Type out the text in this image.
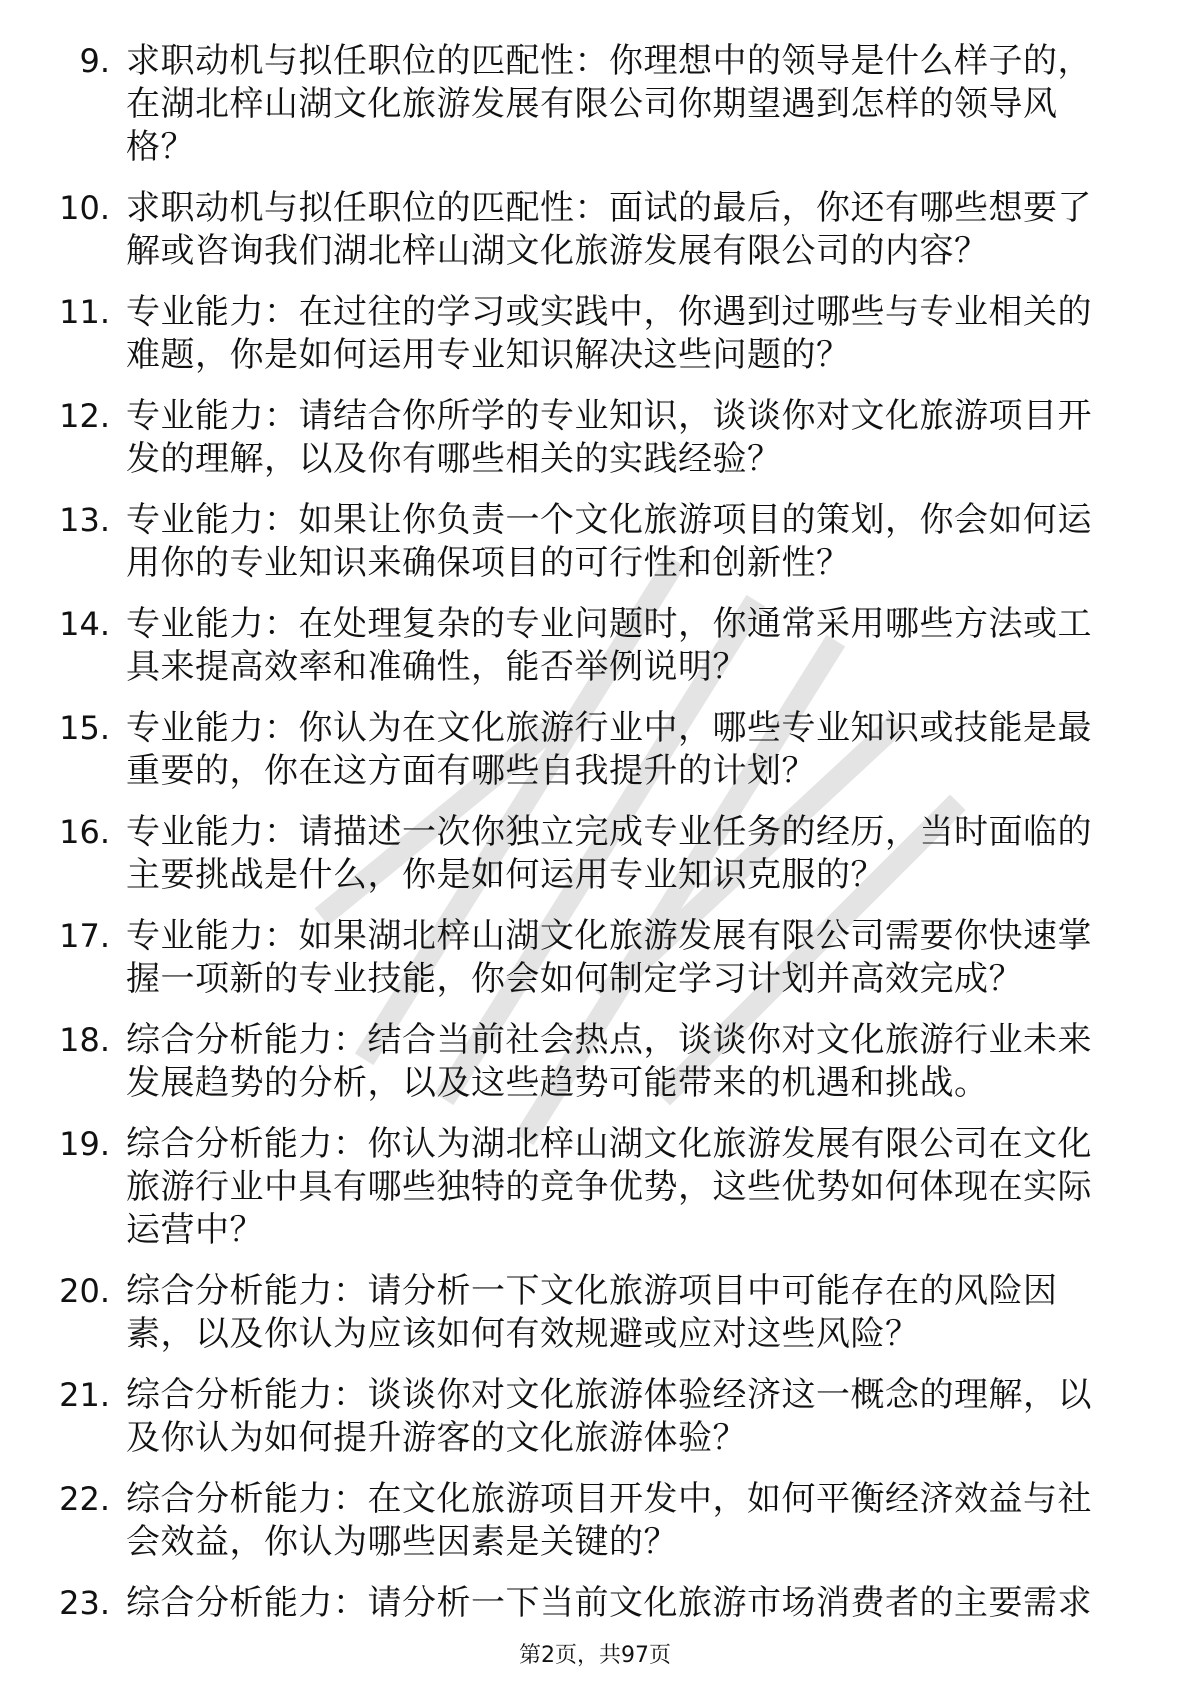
9. 求职动机与拟任职位的匹配性：你理想中的领导是什么样子的，在湖北梓山湖文化旅游发展有限公司你期望遇到怎样的领导风格？
10. 求职动机与拟任职位的匹配性：面试的最后，你还有哪些想要了解或咨询我们湖北梓山湖文化旅游发展有限公司的内容？
11. 专业能力：在过往的学习或实践中，你遇到过哪些与专业相关的难题，你是如何运用专业知识解决这些问题的？
12. 专业能力：请结合你所学的专业知识，谈谈你对文化旅游项目开发的理解，以及你有哪些相关的实践经验？
13. 专业能力：如果让你负责一个文化旅游项目的策划，你会如何运用你的专业知识来确保项目的可行性和创新性？
14. 专业能力：在处理复杂的专业问题时，你通常采用哪些方法或工具来提高效率和准确性，能否举例说明？
15. 专业能力：你认为在文化旅游行业中，哪些专业知识或技能是最重要的，你在这方面有哪些自我提升的计划？
16. 专业能力：请描述一次你独立完成专业任务的经历，当时面临的主要挑战是什么，你是如何运用专业知识克服的？
17. 专业能力：如果湖北梓山湖文化旅游发展有限公司需要你快速掌握一项新的专业技能，你会如何制定学习计划并高效完成？
18. 综合分析能力：结合当前社会热点，谈谈你对文化旅游行业未来发展趋势的分析，以及这些趋势可能带来的机遇和挑战。
19. 综合分析能力：你认为湖北梓山湖文化旅游发展有限公司在文化旅游行业中具有哪些独特的竞争优势，这些优势如何体现在实际运营中？
20. 综合分析能力：请分析一下文化旅游项目中可能存在的风险因素，以及你认为应该如何有效规避或应对这些风险？
21. 综合分析能力：谈谈你对文化旅游体验经济这一概念的理解，以及你认为如何提升游客的文化旅游体验？
22. 综合分析能力：在文化旅游项目开发中，如何平衡经济效益与社会效益，你认为哪些因素是关键的？
23. 综合分析能力：请分析一下当前文化旅游市场消费者的主要需求
第2页，共97页
